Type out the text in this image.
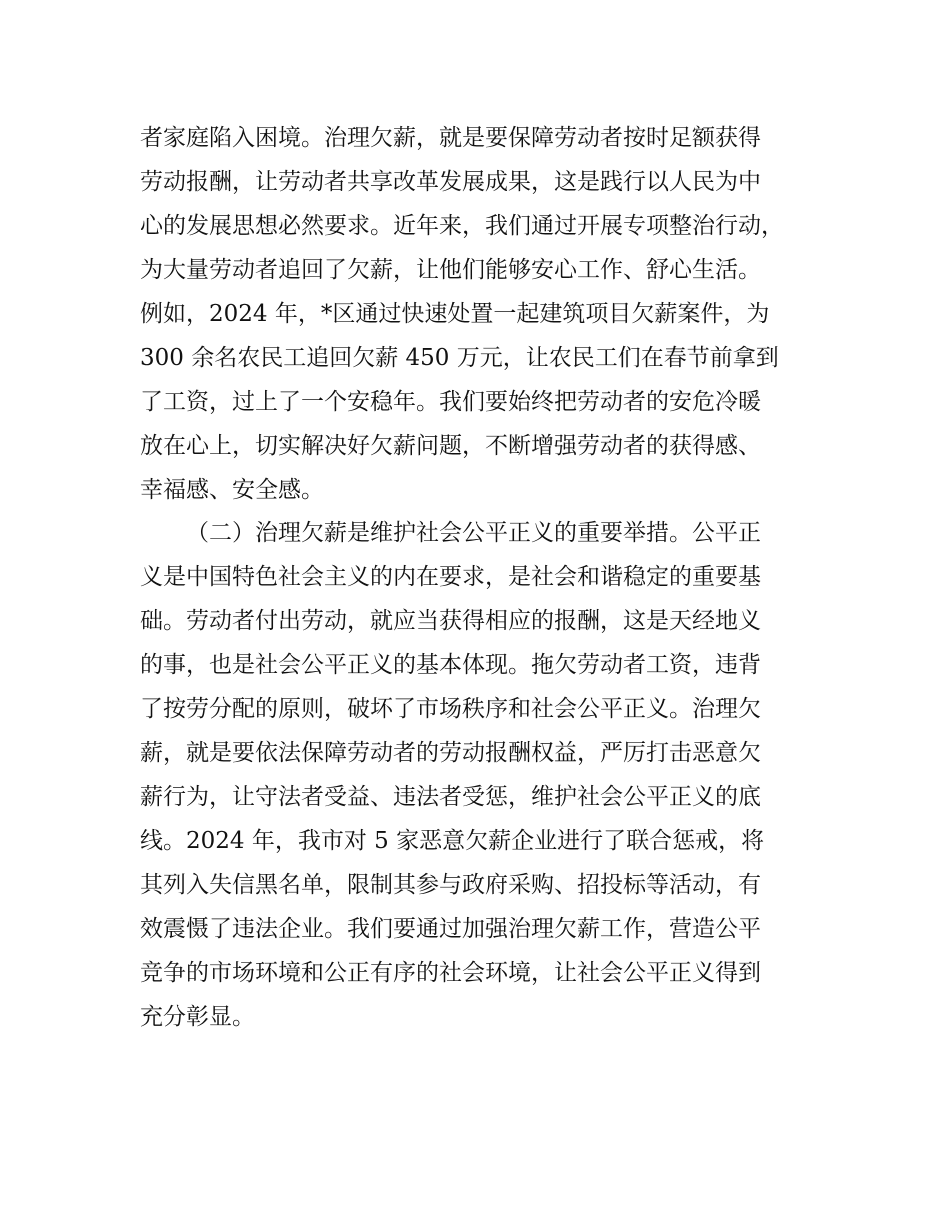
者家庭陷入困境。治理欠薪，就是要保障劳动者按时足额获得
劳动报酬，让劳动者共享改革发展成果，这是践行以人民为中
心的发展思想必然要求。近年来，我们通过开展专项整治行动，
为大量劳动者追回了欠薪，让他们能够安心工作、舒心生活。
例如，2024 年，*区通过快速处置一起建筑项目欠薪案件，为
300 余名农民工追回欠薪 450 万元，让农民工们在春节前拿到
了工资，过上了一个安稳年。我们要始终把劳动者的安危冷暖
放在心上，切实解决好欠薪问题，不断增强劳动者的获得感、
幸福感、安全感。
（二）治理欠薪是维护社会公平正义的重要举措。公平正
义是中国特色社会主义的内在要求，是社会和谐稳定的重要基
础。劳动者付出劳动，就应当获得相应的报酬，这是天经地义
的事，也是社会公平正义的基本体现。拖欠劳动者工资，违背
了按劳分配的原则，破坏了市场秩序和社会公平正义。治理欠
薪，就是要依法保障劳动者的劳动报酬权益，严厉打击恶意欠
薪行为，让守法者受益、违法者受惩，维护社会公平正义的底
线。2024 年，我市对 5 家恶意欠薪企业进行了联合惩戒，将
其列入失信黑名单，限制其参与政府采购、招投标等活动，有
效震慑了违法企业。我们要通过加强治理欠薪工作，营造公平
竞争的市场环境和公正有序的社会环境，让社会公平正义得到
充分彰显。
